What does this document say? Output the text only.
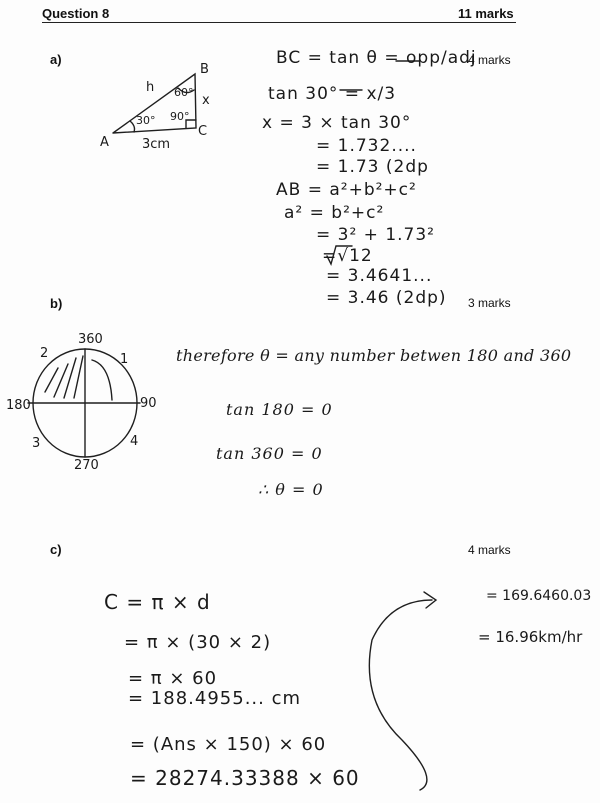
Question 8	11 marks
a)	4 marks
A
B
C
h
x
3cm
30°
60°
90°
BC = tan θ = opp/adj
tan 30° = x/3
x = 3 × tan 30°
= 1.732....
= 1.73 (2dp
AB = a²+b²+c²
a² = b²+c²
= 3² + 1.73²
=√12
= 3.4641...
= 3.46 (2dp)
b)	3 marks
360
90
270
180
1
2
3	4
therefore θ = any number betwen 180 and 360
tan 180 = 0
tan 360 = 0
∴ θ = 0
c)	4 marks
C = π × d
= π × (30 × 2)
= π × 60
= 188.4955... cm
= (Ans × 150) × 60
= 28274.33388 × 60
= 169.6460.03
= 16.96km/hr
